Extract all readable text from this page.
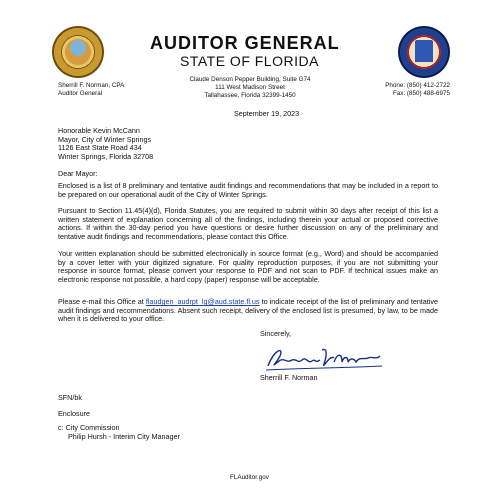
AUDITOR GENERAL
STATE OF FLORIDA
Sherrill F. Norman, CPA
Auditor General
Claude Denson Pepper Building, Suite G74
111 West Madison Street
Tallahassee, Florida 32399-1450
Phone: (850) 412-2722
Fax: (850) 488-6975
September 19, 2023
Honorable Kevin McCann
Mayor, City of Winter Springs
1126 East State Road 434
Winter Springs, Florida 32708
Dear Mayor:
Enclosed is a list of 8 preliminary and tentative audit findings and recommendations that may be included in a report to be prepared on our operational audit of the City of Winter Springs.
Pursuant to Section 11.45(4)(d), Florida Statutes, you are required to submit within 30 days after receipt of this list a written statement of explanation concerning all of the findings, including therein your actual or proposed corrective actions. If within the 30-day period you have questions or desire further discussion on any of the preliminary and tentative audit findings and recommendations, please contact this Office.
Your written explanation should be submitted electronically in source format (e.g., Word) and should be accompanied by a cover letter with your digitized signature. For quality reproduction purposes, if you are not submitting your response in source format, please convert your response to PDF and not scan to PDF. If technical issues make an electronic response not possible, a hard copy (paper) response will be acceptable.
Please e-mail this Office at flaudgen_audrpt_lg@aud.state.fl.us to indicate receipt of the list of preliminary and tentative audit findings and recommendations. Absent such receipt, delivery of the enclosed list is presumed, by law, to be made when it is delivered to your office.
Sincerely,
Sherrill F. Norman
SFN/bk
Enclosure
c: City Commission
Philip Hursh - Interim City Manager
FLAuditor.gov
